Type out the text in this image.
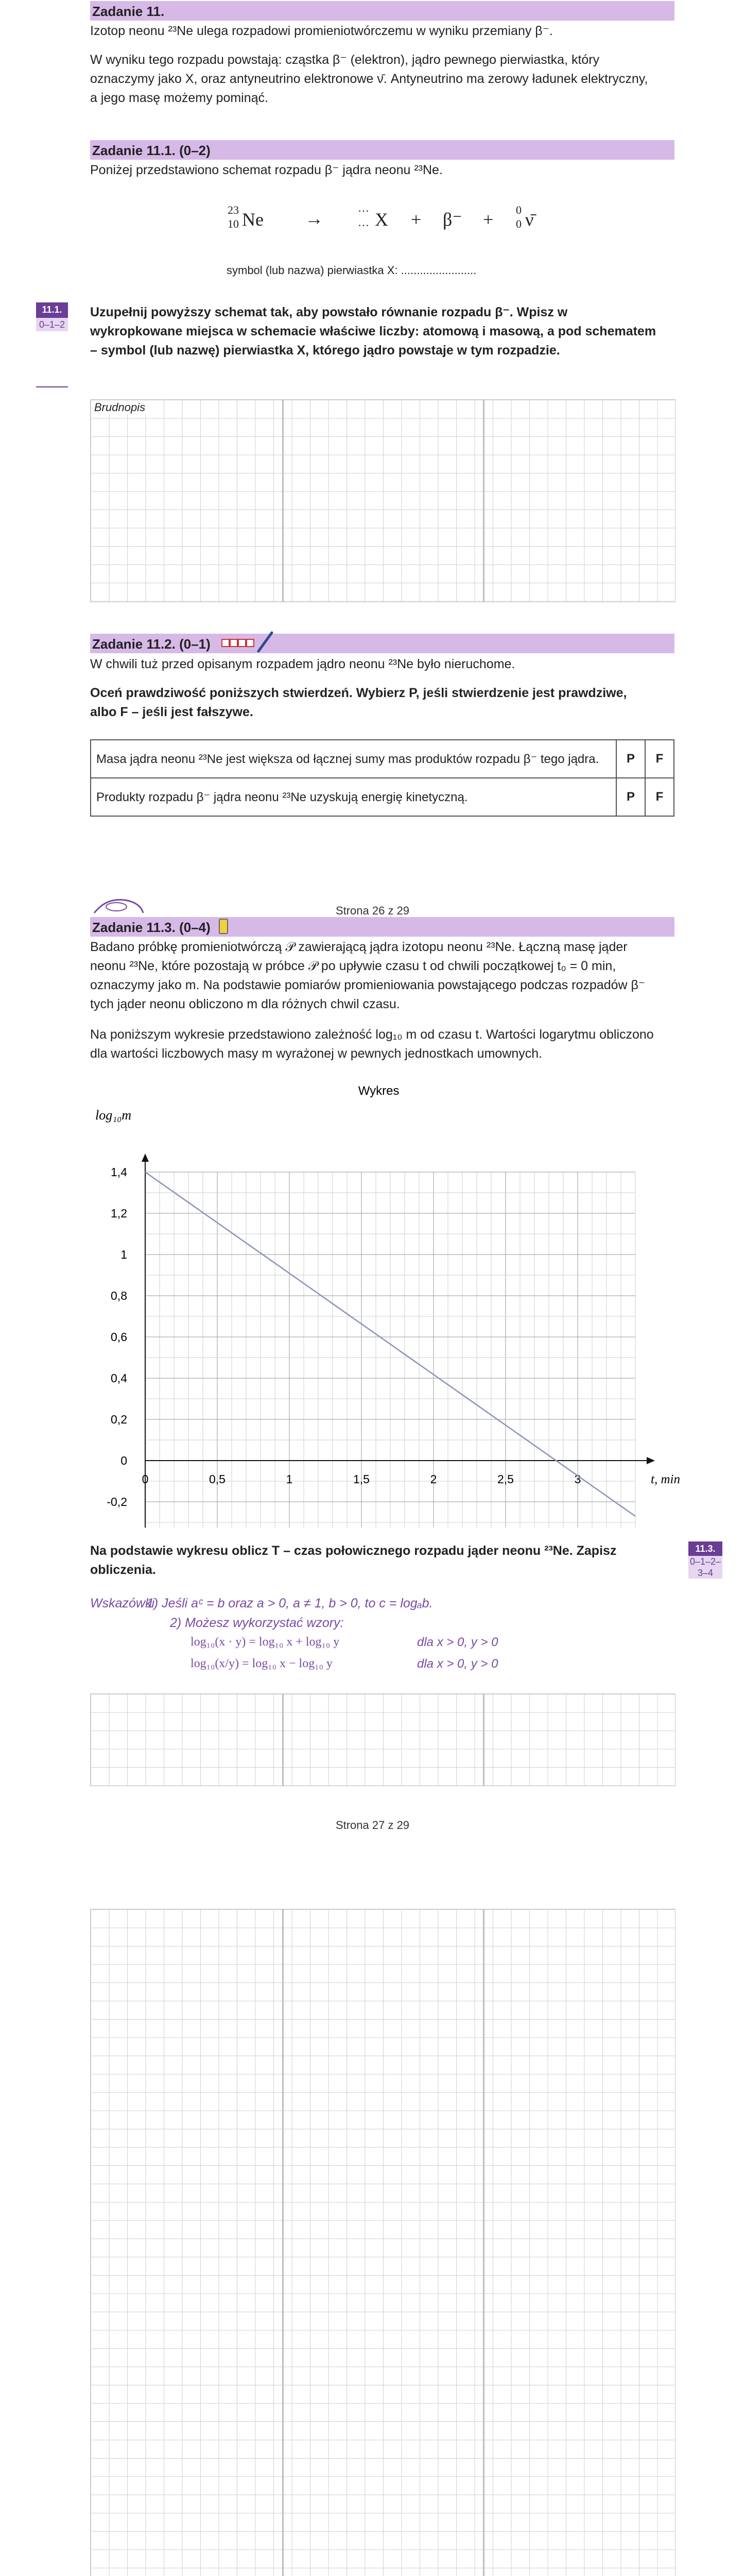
Zadanie 11.
Izotop neonu ²³Ne ulega rozpadowi promieniotwórczemu w wyniku przemiany β⁻.
W wyniku tego rozpadu powstają: cząstka β⁻ (elektron), jądro pewnego pierwiastka, który oznaczymy jako X, oraz antyneutrino elektronowe ν̄. Antyneutrino ma zerowy ładunek elektryczny, a jego masę możemy pominąć.
Zadanie 11.1. (0–2)
Poniżej przedstawiono schemat rozpadu β⁻ jądra neonu ²³Ne.
23
10 Ne →
…
… X + β⁻ + 0
0 ν̄
symbol (lub nazwa) pierwiastka X: ........................
11.1.
0–1–2
Uzupełnij powyższy schemat tak, aby powstało równanie rozpadu β⁻. Wpisz w wykropkowane miejsca w schemacie właściwe liczby: atomową i masową, a pod schematem – symbol (lub nazwę) pierwiastka X, którego jądro powstaje w tym rozpadzie.
Brudnopis
Zadanie 11.2. (0–1)
W chwili tuż przed opisanym rozpadem jądro neonu ²³Ne było nieruchome.
Oceń prawdziwość poniższych stwierdzeń. Wybierz P, jeśli stwierdzenie jest prawdziwe, albo F – jeśli jest fałszywe.
Masa jądra neonu ²³Ne jest większa od łącznej sumy mas produktów rozpadu β⁻ tego jądra.	P	F
Produkty rozpadu β⁻ jądra neonu ²³Ne uzyskują energię kinetyczną.	P	F
Strona 26 z 29
Zadanie 11.3. (0–4)
Badano próbkę promieniotwórczą 𝒫 zawierającą jądra izotopu neonu ²³Ne. Łączną masę jąder neonu ²³Ne, które pozostają w próbce 𝒫 po upływie czasu t od chwili początkowej t₀ = 0 min, oznaczymy jako m. Na podstawie pomiarów promieniowania powstającego podczas rozpadów β⁻ tych jąder neonu obliczono m dla różnych chwil czasu.
Na poniższym wykresie przedstawiono zależność log₁₀ m od czasu t. Wartości logarytmu obliczono dla wartości liczbowych masy m wyrażonej w pewnych jednostkach umownych.
Wykres
log₁₀m
t, min
1,4
1,2
1
0,8
0,6
0,4
0,2
0
-0,2
0	0,5	1	1,5	2	2,5	3
Na podstawie wykresu oblicz T – czas połowicznego rozpadu jąder neonu ²³Ne. Zapisz obliczenia.
11.3.
0–1–2–3–4
Wskazówki:
1) Jeśli aᶜ = b oraz a > 0, a ≠ 1, b > 0, to c = logₐb.
2) Możesz wykorzystać wzory:
log₁₀(x · y) = log₁₀ x + log₁₀ y	dla x > 0, y > 0
log₁₀(x/y) = log₁₀ x − log₁₀ y	dla x > 0, y > 0
Strona 27 z 29
